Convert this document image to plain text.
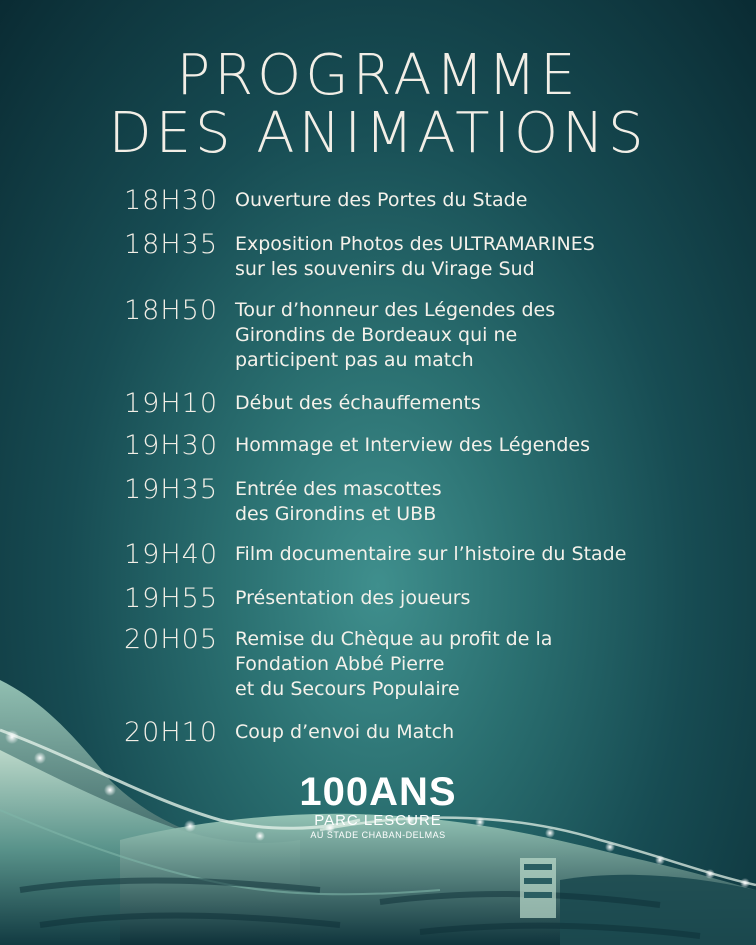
PROGRAMME
DES ANIMATIONS
18H30 Ouverture des Portes du Stade
18H35 Exposition Photos des ULTRAMARINES
sur les souvenirs du Virage Sud
18H50 Tour d’honneur des Légendes des
Girondins de Bordeaux qui ne
participent pas au match
19H10 Début des échauffements
19H30 Hommage et Interview des Légendes
19H35 Entrée des mascottes
des Girondins et UBB
19H40 Film documentaire sur l’histoire du Stade
19H55 Présentation des joueurs
20H05 Remise du Chèque au profit de la
Fondation Abbé Pierre
et du Secours Populaire
20H10 Coup d’envoi du Match
100ANS
PARC LESCURE
AU STADE CHABAN-DELMAS
